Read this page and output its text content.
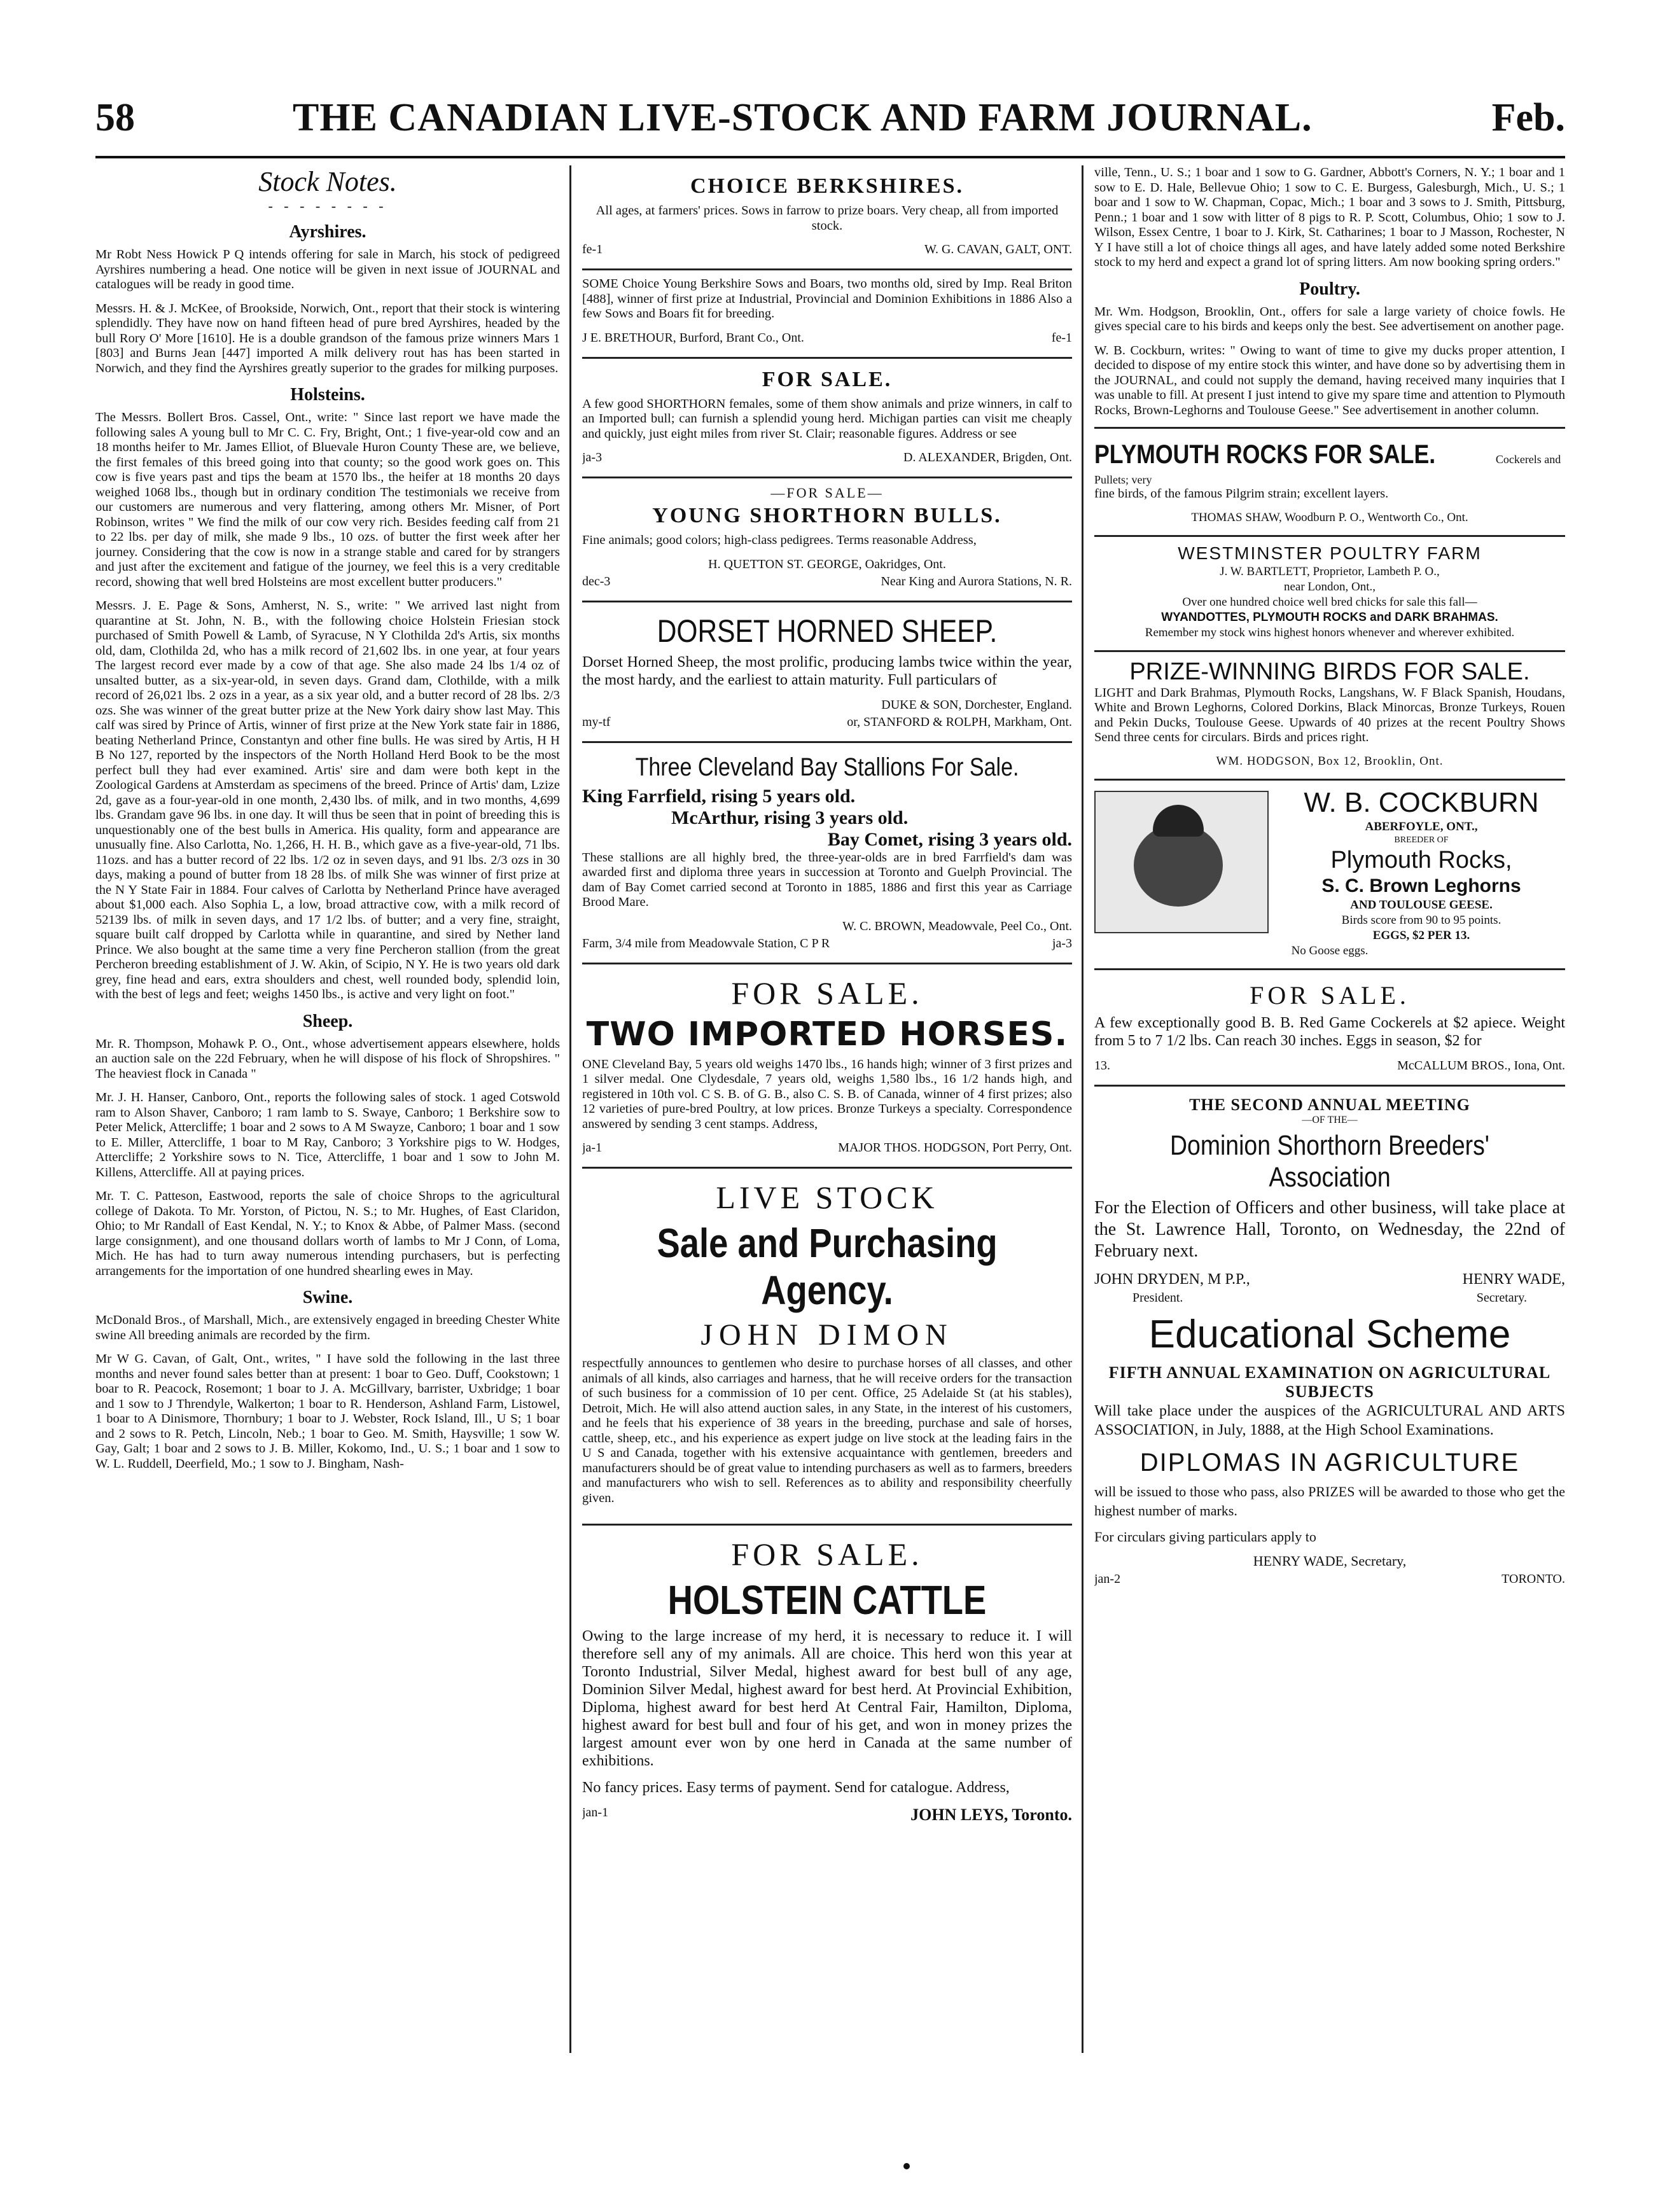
58	THE CANADIAN LIVE-STOCK AND FARM JOURNAL.	Feb.
Stock Notes.
- - - - - - - -
Ayrshires.

Mr Robt Ness Howick P Q intends offering for sale in March, his stock of pedigreed Ayrshires numbering a head. One notice will be given in next issue of JOURNAL and catalogues will be ready in good time.

Messrs. H. & J. McKee, of Brookside, Norwich, Ont., report that their stock is wintering splendidly. They have now on hand fifteen head of pure bred Ayrshires, headed by the bull Rory O' More [1610]. He is a double grandson of the famous prize winners Mars 1 [803] and Burns Jean [447] imported A milk delivery rout has has been started in Norwich, and they find the Ayrshires greatly superior to the grades for milking purposes.

Holsteins.

The Messrs. Bollert Bros. Cassel, Ont., write: " Since last report we have made the following sales A young bull to Mr C. C. Fry, Bright, Ont.; 1 five-year-old cow and an 18 months heifer to Mr. James Elliot, of Bluevale Huron County These are, we believe, the first females of this breed going into that county; so the good work goes on. This cow is five years past and tips the beam at 1570 lbs., the heifer at 18 months 20 days weighed 1068 lbs., though but in ordinary condition The testimonials we receive from our customers are numerous and very flattering, among others Mr. Misner, of Port Robinson, writes " We find the milk of our cow very rich. Besides feeding calf from 21 to 22 lbs. per day of milk, she made 9 lbs., 10 ozs. of butter the first week after her journey. Considering that the cow is now in a strange stable and cared for by strangers and just after the excitement and fatigue of the journey, we feel this is a very creditable record, showing that well bred Holsteins are most excellent butter producers."

Messrs. J. E. Page & Sons, Amherst, N. S., write: " We arrived last night from quarantine at St. John, N. B., with the following choice Holstein Friesian stock purchased of Smith Powell & Lamb, of Syracuse, N Y Clothilda 2d's Artis, six months old, dam, Clothilda 2d, who has a milk record of 21,602 lbs. in one year, at four years The largest record ever made by a cow of that age. She also made 24 lbs 1/4 oz of unsalted butter, as a six-year-old, in seven days. Grand dam, Clothilde, with a milk record of 26,021 lbs. 2 ozs in a year, as a six year old, and a butter record of 28 lbs. 2/3 ozs. She was winner of the great butter prize at the New York dairy show last May. This calf was sired by Prince of Artis, winner of first prize at the New York state fair in 1886, beating Netherland Prince, Constantyn and other fine bulls. He was sired by Artis, H H B No 127, reported by the inspectors of the North Holland Herd Book to be the most perfect bull they had ever examined. Artis' sire and dam were both kept in the Zoological Gardens at Amsterdam as specimens of the breed. Prince of Artis' dam, Lzize 2d, gave as a four-year-old in one month, 2,430 lbs. of milk, and in two months, 4,699 lbs. Grandam gave 96 lbs. in one day. It will thus be seen that in point of breeding this is unquestionably one of the best bulls in America. His quality, form and appearance are unusually fine. Also Carlotta, No. 1,266, H. H. B., which gave as a five-year-old, 71 lbs. 11ozs. and has a butter record of 22 lbs. 1/2 oz in seven days, and 91 lbs. 2/3 ozs in 30 days, making a pound of butter from 18 28 lbs. of milk She was winner of first prize at the N Y State Fair in 1884. Four calves of Carlotta by Netherland Prince have averaged about $1,000 each. Also Sophia L, a low, broad attractive cow, with a milk record of 52139 lbs. of milk in seven days, and 17 1/2 lbs. of butter; and a very fine, straight, square built calf dropped by Carlotta while in quarantine, and sired by Nether land Prince. We also bought at the same time a very fine Percheron stallion (from the great Percheron breeding establishment of J. W. Akin, of Scipio, N Y. He is two years old dark grey, fine head and ears, extra shoulders and chest, well rounded body, splendid loin, with the best of legs and feet; weighs 1450 lbs., is active and very light on foot."

Sheep.

Mr. R. Thompson, Mohawk P. O., Ont., whose advertisement appears elsewhere, holds an auction sale on the 22d February, when he will dispose of his flock of Shropshires. " The heaviest flock in Canada "

Mr. J. H. Hanser, Canboro, Ont., reports the following sales of stock. 1 aged Cotswold ram to Alson Shaver, Canboro; 1 ram lamb to S. Swaye, Canboro; 1 Berkshire sow to Peter Melick, Attercliffe; 1 boar and 2 sows to A M Swayze, Canboro; 1 boar and 1 sow to E. Miller, Attercliffe, 1 boar to M Ray, Canboro; 3 Yorkshire pigs to W. Hodges, Attercliffe; 2 Yorkshire sows to N. Tice, Attercliffe, 1 boar and 1 sow to John M. Killens, Attercliffe. All at paying prices.

Mr. T. C. Patteson, Eastwood, reports the sale of choice Shrops to the agricultural college of Dakota. To Mr. Yorston, of Pictou, N. S.; to Mr. Hughes, of East Claridon, Ohio; to Mr Randall of East Kendal, N. Y.; to Knox & Abbe, of Palmer Mass. (second large consignment), and one thousand dollars worth of lambs to Mr J Conn, of Loma, Mich. He has had to turn away numerous intending purchasers, but is perfecting arrangements for the importation of one hundred shearling ewes in May.

Swine.

McDonald Bros., of Marshall, Mich., are extensively engaged in breeding Chester White swine All breeding animals are recorded by the firm.

Mr W G. Cavan, of Galt, Ont., writes, " I have sold the following in the last three months and never found sales better than at present: 1 boar to Geo. Duff, Cookstown; 1 boar to R. Peacock, Rosemont; 1 boar to J. A. McGillvary, barrister, Uxbridge; 1 boar and 1 sow to J Threndyle, Walkerton; 1 boar to R. Henderson, Ashland Farm, Listowel, 1 boar to A Dinismore, Thornbury; 1 boar to J. Webster, Rock Island, Ill., U S; 1 boar and 2 sows to R. Petch, Lincoln, Neb.; 1 boar to Geo. M. Smith, Haysville; 1 sow W. Gay, Galt; 1 boar and 2 sows to J. B. Miller, Kokomo, Ind., U. S.; 1 boar and 1 sow to W. L. Ruddell, Deerfield, Mo.; 1 sow to J. Bingham, Nash-

CHOICE BERKSHIRES.

All ages, at farmers' prices. Sows in farrow to prize boars. Very cheap, all from imported stock.

fe-1	W. G. CAVAN, GALT, ONT.

SOME Choice Young Berkshire Sows and Boars, two months old, sired by Imp. Real Briton [488], winner of first prize at Industrial, Provincial and Dominion Exhibitions in 1886 Also a few Sows and Boars fit for breeding.

J E. BRETHOUR, Burford, Brant Co., Ont.	fe-1
FOR SALE.

A few good SHORTHORN females, some of them show animals and prize winners, in calf to an Imported bull; can furnish a splendid young herd. Michigan parties can visit me cheaply and quickly, just eight miles from river St. Clair; reasonable figures. Address or see

ja-3	D. ALEXANDER, Brigden, Ont.
—FOR SALE—
YOUNG SHORTHORN BULLS.

Fine animals; good colors; high-class pedigrees. Terms reasonable Address,

H. QUETTON ST. GEORGE, Oakridges, Ont.
dec-3	Near King and Aurora Stations, N. R.
DORSET HORNED SHEEP.

Dorset Horned Sheep, the most prolific, producing lambs twice within the year, the most hardy, and the earliest to attain maturity. Full particulars of

DUKE & SON, Dorchester, England.
my-tf	or, STANFORD & ROLPH, Markham, Ont.
Three Cleveland Bay Stallions For Sale.
King Farrfield, rising 5 years old.
McArthur, rising 3 years old.
Bay Comet, rising 3 years old.

These stallions are all highly bred, the three-year-olds are in bred Farrfield's dam was awarded first and diploma three years in succession at Toronto and Guelph Provincial. The dam of Bay Comet carried second at Toronto in 1885, 1886 and first this year as Carriage Brood Mare.

W. C. BROWN, Meadowvale, Peel Co., Ont.
Farm, 3/4 mile from Meadowvale Station, C P R	ja-3
FOR SALE.
TWO IMPORTED HORSES.

ONE Cleveland Bay, 5 years old weighs 1470 lbs., 16 hands high; winner of 3 first prizes and 1 silver medal. One Clydesdale, 7 years old, weighs 1,580 lbs., 16 1/2 hands high, and registered in 10th vol. C S. B. of G. B., also C. S. B. of Canada, winner of 4 first prizes; also 12 varieties of pure-bred Poultry, at low prices. Bronze Turkeys a specialty. Correspondence answered by sending 3 cent stamps. Address,

ja-1	MAJOR THOS. HODGSON, Port Perry, Ont.
LIVE STOCK
Sale and Purchasing Agency.
JOHN DIMON

respectfully announces to gentlemen who desire to purchase horses of all classes, and other animals of all kinds, also carriages and harness, that he will receive orders for the transaction of such business for a commission of 10 per cent. Office, 25 Adelaide St (at his stables), Detroit, Mich. He will also attend auction sales, in any State, in the interest of his customers, and he feels that his experience of 38 years in the breeding, purchase and sale of horses, cattle, sheep, etc., and his experience as expert judge on live stock at the leading fairs in the U S and Canada, together with his extensive acquaintance with gentlemen, breeders and manufacturers should be of great value to intending purchasers as well as to farmers, breeders and manufacturers who wish to sell. References as to ability and responsibility cheerfully given.

FOR SALE.
HOLSTEIN CATTLE

Owing to the large increase of my herd, it is necessary to reduce it. I will therefore sell any of my animals. All are choice. This herd won this year at Toronto Industrial, Silver Medal, highest award for best bull of any age, Dominion Silver Medal, highest award for best herd. At Provincial Exhibition, Diploma, highest award for best herd At Central Fair, Hamilton, Diploma, highest award for best bull and four of his get, and won in money prizes the largest amount ever won by one herd in Canada at the same number of exhibitions.

No fancy prices. Easy terms of payment. Send for catalogue. Address,

jan-1	JOHN LEYS, Toronto.

ville, Tenn., U. S.; 1 boar and 1 sow to G. Gardner, Abbott's Corners, N. Y.; 1 boar and 1 sow to E. D. Hale, Bellevue Ohio; 1 sow to C. E. Burgess, Galesburgh, Mich., U. S.; 1 boar and 1 sow to W. Chapman, Copac, Mich.; 1 boar and 3 sows to J. Smith, Pittsburg, Penn.; 1 boar and 1 sow with litter of 8 pigs to R. P. Scott, Columbus, Ohio; 1 sow to J. Wilson, Essex Centre, 1 boar to J. Kirk, St. Catharines; 1 boar to J Masson, Rochester, N Y I have still a lot of choice things all ages, and have lately added some noted Berkshire stock to my herd and expect a grand lot of spring litters. Am now booking spring orders."

Poultry.

Mr. Wm. Hodgson, Brooklin, Ont., offers for sale a large variety of choice fowls. He gives special care to his birds and keeps only the best. See advertisement on another page.

W. B. Cockburn, writes: " Owing to want of time to give my ducks proper attention, I decided to dispose of my entire stock this winter, and have done so by advertising them in the JOURNAL, and could not supply the demand, having received many inquiries that I was unable to fill. At present I just intend to give my spare time and attention to Plymouth Rocks, Brown-Leghorns and Toulouse Geese." See advertisement in another column.

PLYMOUTH ROCKS FOR SALE.	Cockerels and Pullets; very

fine birds, of the famous Pilgrim strain; excellent layers.

THOMAS SHAW, Woodburn P. O., Wentworth Co., Ont.
WESTMINSTER POULTRY FARM
J. W. BARTLETT, Proprietor, Lambeth P. O.,
near London, Ont.,
Over one hundred choice well bred chicks for sale this fall—
WYANDOTTES, PLYMOUTH ROCKS and DARK BRAHMAS.
Remember my stock wins highest honors whenever and wherever exhibited.
PRIZE-WINNING BIRDS FOR SALE.

LIGHT and Dark Brahmas, Plymouth Rocks, Langshans, W. F Black Spanish, Houdans, White and Brown Leghorns, Colored Dorkins, Black Minorcas, Bronze Turkeys, Rouen and Pekin Ducks, Toulouse Geese. Upwards of 40 prizes at the recent Poultry Shows Send three cents for circulars. Birds and prices right.

WM. HODGSON, Box 12, Brooklin, Ont.
W. B. COCKBURN
ABERFOYLE, ONT.,
BREEDER OF
Plymouth Rocks,
S. C. Brown Leghorns
AND TOULOUSE GEESE.
Birds score from 90 to 95 points.
EGGS, $2 PER 13.
No Goose eggs.
FOR SALE.

A few exceptionally good B. B. Red Game Cockerels at $2 apiece. Weight from 5 to 7 1/2 lbs. Can reach 30 inches. Eggs in season, $2 for

13.	McCALLUM BROS., Iona, Ont.
THE SECOND ANNUAL MEETING
—OF THE—
Dominion Shorthorn Breeders' Association

For the Election of Officers and other business, will take place at the St. Lawrence Hall, Toronto, on Wednesday, the 22nd of February next.

JOHN DRYDEN, M P.P.,	HENRY WADE,
President.	Secretary.
Educational Scheme
FIFTH ANNUAL EXAMINATION ON AGRICULTURAL SUBJECTS

Will take place under the auspices of the AGRICULTURAL AND ARTS ASSOCIATION, in July, 1888, at the High School Examinations.

DIPLOMAS IN AGRICULTURE

will be issued to those who pass, also PRIZES will be awarded to those who get the highest number of marks.

For circulars giving particulars apply to

HENRY WADE, Secretary,
jan-2	TORONTO.
